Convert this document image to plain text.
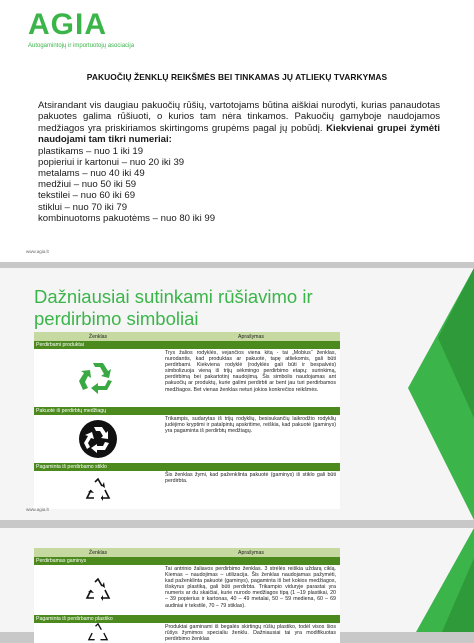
AGIA
Autogamintojų ir importuotojų asociacija
PAKUOČIŲ ŽENKLŲ REIKŠMĖS BEI TINKAMAS JŲ ATLIEKŲ TVARKYMAS
Atsirandant vis daugiau pakuočių rūšių, vartotojams būtina aiškiai nurodyti, kurias panaudotas pakuotes galima rūšiuoti, o kurios tam nėra tinkamos. Pakuočių gamyboje naudojamos medžiagos yra priskiriamos skirtingoms grupėms pagal jų pobūdį. Kiekvienai grupei žymėti naudojami tam tikri numeriai:
plastikams – nuo 1 iki 19
popieriui ir kartonui – nuo 20 iki 39
metalams – nuo 40 iki 49
medžiui – nuo 50 iki 59
tekstilei – nuo 60 iki 69
stiklui – nuo 70 iki 79
kombinuotoms pakuotėms – nuo 80 iki 99
www.agia.lt
Dažniausiai sutinkami rūšiavimo ir perdirbimo simboliai
Ženklas	Aprašymas
Perdirbami produktai
Trys žalios rodyklės, vejančios viena kitą - tai „Mobius“ ženklas, nurodantis, kad produktas ar pakuotė, tapę atliekomis, gali būti perdirbami. Kiekviena rodyklė (rodyklės gali būti ir bespalvės) simbolizuoja vieną iš trijų sėkmingo perdirbimo etapų: surinkimą, perdirbimą bei pakartotinį naudojimą. Šis simbolis naudojamas ant pakuočių ar produktų, kurie galimi perdirbti ar bent jau turi perdirbamos medžiagos. Bet vienas ženklas neturi jokios konkrečios reikšmės.
Pakuotė iš perdirbtų medžiagų
Trikampis, sudarytas iš trijų rodyklių, besisukančių laikrodžio rodyklių judėjimo kryptimi ir patalpintų apskritime, reiškia, kad pakuotė (gaminys) yra pagaminta iš perdirbtų medžiagų.
Pagaminta iš perdirbamo stiklo
Šis ženklas žymi, kad paženklinta pakuotė (gaminys) iš stiklo gali būti perdirbta.
www.agia.lt
Ženklas	Aprašymas
Perdirbamas gaminys
Tai antrinio žaliavos perdirbimo ženklas. 3 strėlės reiškia uždarą ciklą. Kiemas – naudojimas – utilizacija. Šis ženklas naudojamas pažymėti, kad paženklinta pakuotė (gaminys), pagaminta iš bet kokios medžiagos, išskyrus plastiką, gali būti perdirbta. Trikampio viduryje parastai yra numeris ar du skaičiai, kurie nurodo medžiagos tipą (1 –19 plastikai, 20 – 39 popierius ir kartonas, 40 – 49 metalai, 50 – 59 mediena, 60 – 69 audiniai ir tekstilė, 70 – 79 stiklas).
Pagaminta iš perdirbamo plastiko
Produktai gaminami iš begalės skirtingų rūšių plastiko, todėl visos šios rūšys žymimos specialiu ženklu. Dažniausiai tai yra modifikuotas perdirbimo ženklas
